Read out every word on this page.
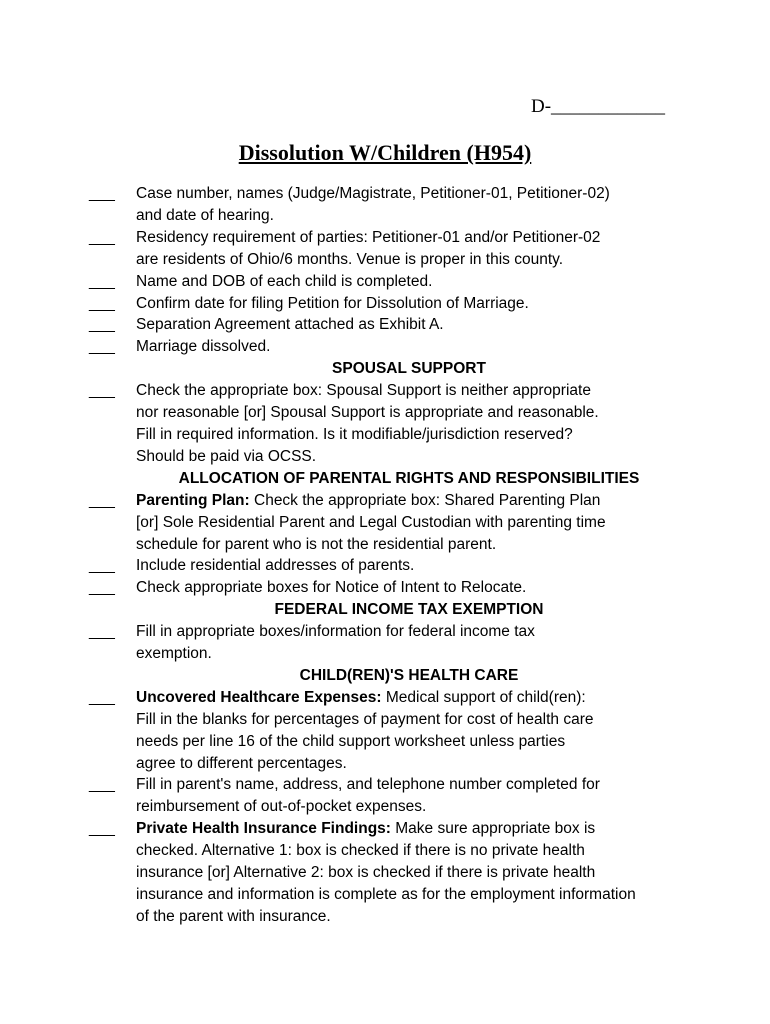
D-____________
Dissolution W/Children (H954)
___ Case number, names (Judge/Magistrate, Petitioner-01, Petitioner-02)
and date of hearing.
___ Residency requirement of parties: Petitioner-01 and/or Petitioner-02
are residents of Ohio/6 months. Venue is proper in this county.
___ Name and DOB of each child is completed.
___ Confirm date for filing Petition for Dissolution of Marriage.
___ Separation Agreement attached as Exhibit A.
___ Marriage dissolved.
SPOUSAL SUPPORT
___ Check the appropriate box: Spousal Support is neither appropriate
nor reasonable [or] Spousal Support is appropriate and reasonable.
Fill in required information. Is it modifiable/jurisdiction reserved?
Should be paid via OCSS.
ALLOCATION OF PARENTAL RIGHTS AND RESPONSIBILITIES
___ Parenting Plan: Check the appropriate box: Shared Parenting Plan
[or] Sole Residential Parent and Legal Custodian with parenting time
schedule for parent who is not the residential parent.
___ Include residential addresses of parents.
___ Check appropriate boxes for Notice of Intent to Relocate.
FEDERAL INCOME TAX EXEMPTION
___ Fill in appropriate boxes/information for federal income tax
exemption.
CHILD(REN)'S HEALTH CARE
___ Uncovered Healthcare Expenses: Medical support of child(ren):
Fill in the blanks for percentages of payment for cost of health care
needs per line 16 of the child support worksheet unless parties
agree to different percentages.
___ Fill in parent's name, address, and telephone number completed for
reimbursement of out-of-pocket expenses.
___ Private Health Insurance Findings: Make sure appropriate box is
checked. Alternative 1: box is checked if there is no private health
insurance [or] Alternative 2: box is checked if there is private health
insurance and information is complete as for the employment information
of the parent with insurance.
